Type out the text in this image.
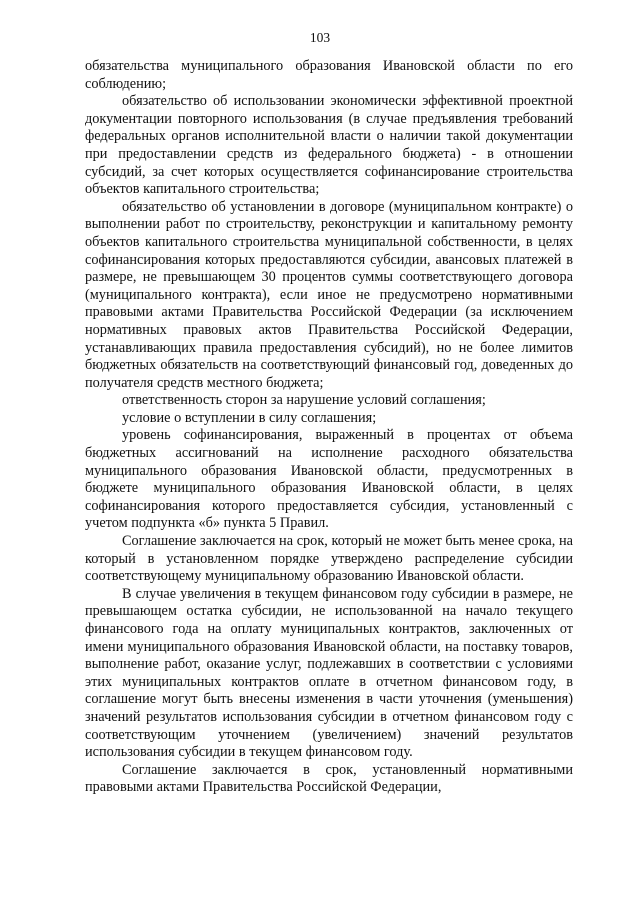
103

обязательства муниципального образования Ивановской области по его соблюдению;

обязательство об использовании экономически эффективной проектной документации повторного использования (в случае предъявления требований федеральных органов исполнительной власти о наличии такой документации при предоставлении средств из федерального бюджета) - в отношении субсидий, за счет которых осуществляется софинансирование строительства объектов капитального строительства;

обязательство об установлении в договоре (муниципальном контракте) о выполнении работ по строительству, реконструкции и капитальному ремонту объектов капитального строительства муниципальной собственности, в целях софинансирования которых предоставляются субсидии, авансовых платежей в размере, не превышающем 30 процентов суммы соответствующего договора (муниципального контракта), если иное не предусмотрено нормативными правовыми актами Правительства Российской Федерации (за исключением нормативных правовых актов Правительства Российской Федерации, устанавливающих правила предоставления субсидий), но не более лимитов бюджетных обязательств на соответствующий финансовый год, доведенных до получателя средств местного бюджета;

ответственность сторон за нарушение условий соглашения;

условие о вступлении в силу соглашения;

уровень софинансирования, выраженный в процентах от объема бюджетных ассигнований на исполнение расходного обязательства муниципального образования Ивановской области, предусмотренных в бюджете муниципального образования Ивановской области, в целях софинансирования которого предоставляется субсидия, установленный с учетом подпункта «б» пункта 5 Правил.

Соглашение заключается на срок, который не может быть менее срока, на который в установленном порядке утверждено распределение субсидии соответствующему муниципальному образованию Ивановской области.

В случае увеличения в текущем финансовом году субсидии в размере, не превышающем остатка субсидии, не использованной на начало текущего финансового года на оплату муниципальных контрактов, заключенных от имени муниципального образования Ивановской области, на поставку товаров, выполнение работ, оказание услуг, подлежавших в соответствии с условиями этих муниципальных контрактов оплате в отчетном финансовом году, в соглашение могут быть внесены изменения в части уточнения (уменьшения) значений результатов использования субсидии в отчетном финансовом году с соответствующим уточнением (увеличением) значений результатов использования субсидии в текущем финансовом году.

Соглашение заключается в срок, установленный нормативными правовыми актами Правительства Российской Федерации,
